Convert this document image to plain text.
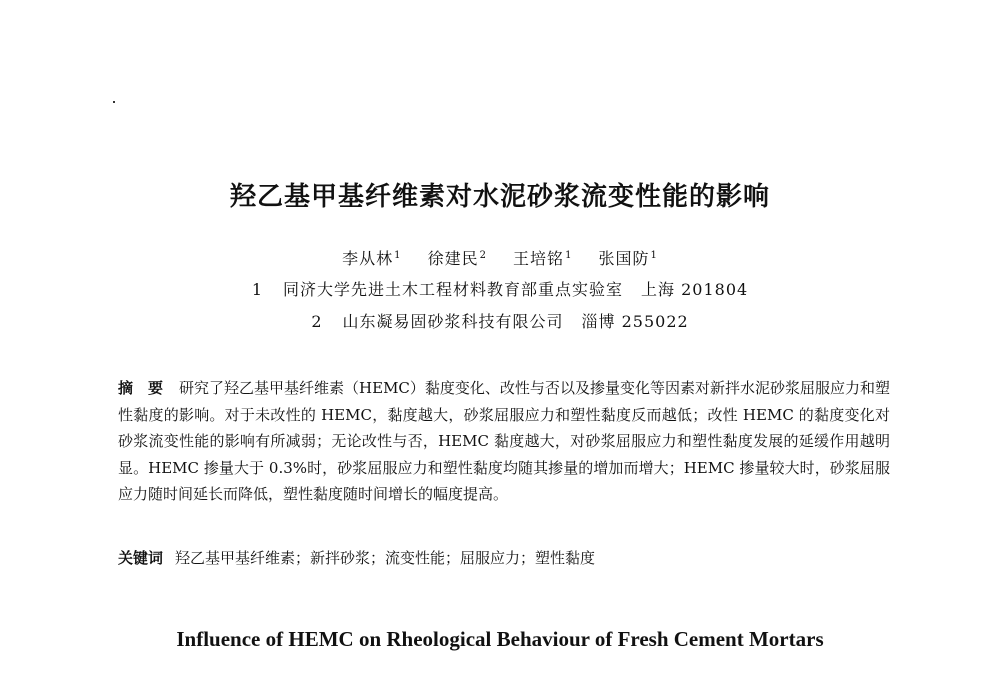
羟乙基甲基纤维素对水泥砂浆流变性能的影响
李从林$^1$ 徐建民$^2$ 王培铭$^1$ 张国防$^1$
1 同济大学先进土木工程材料教育部重点实验室 上海 201804
2 山东凝易固砂浆科技有限公司 淄博 255022
摘　要 研究了羟乙基甲基纤维素（HEMC）黏度变化、改性与否以及掺量变化等因素对新拌水泥砂浆屈服应力和塑性黏度的影响。对于未改性的 HEMC，黏度越大，砂浆屈服应力和塑性黏度反而越低；改性 HEMC 的黏度变化对砂浆流变性能的影响有所减弱；无论改性与否，HEMC 黏度越大，对砂浆屈服应力和塑性黏度发展的延缓作用越明显。HEMC 掺量大于 0.3%时，砂浆屈服应力和塑性黏度均随其掺量的增加而增大；HEMC 掺量较大时，砂浆屈服应力随时间延长而降低，塑性黏度随时间增长的幅度提高。
关键词 羟乙基甲基纤维素；新拌砂浆；流变性能；屈服应力；塑性黏度
Influence of HEMC on Rheological Behaviour of Fresh Cement Mortars
